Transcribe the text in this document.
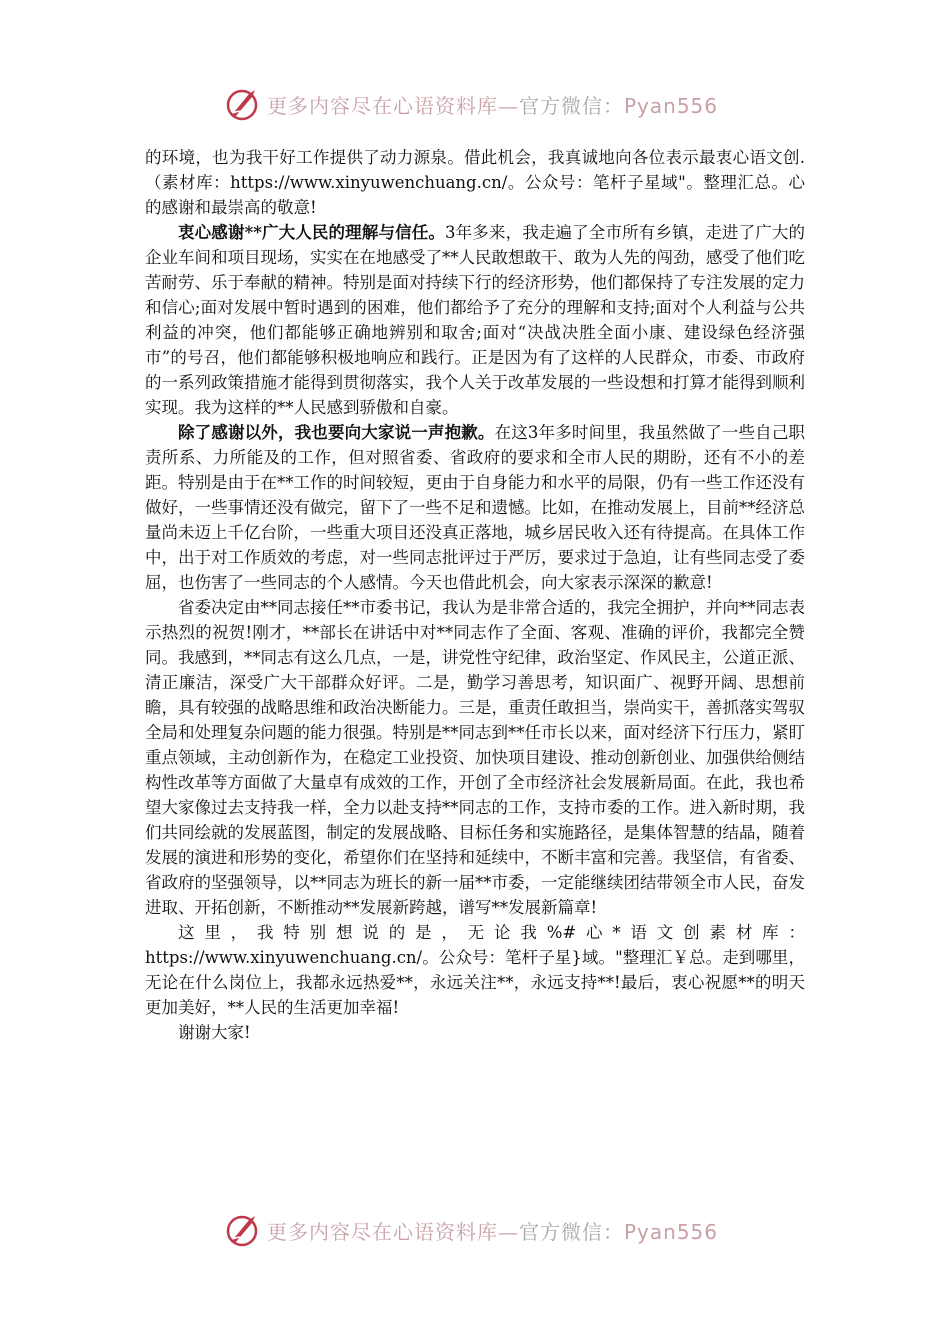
更多内容尽在心语资料库—官方微信：Pyan556

的环境，也为我干好工作提供了动力源泉。借此机会，我真诚地向各位表示最衷心语文创.（素材库：https://www.xinyuwenchuang.cn/。公众号：笔杆子星域"。整理汇总。心的感谢和最崇高的敬意!

衷心感谢**广大人民的理解与信任。3年多来，我走遍了全市所有乡镇，走进了广大的企业车间和项目现场，实实在在地感受了**人民敢想敢干、敢为人先的闯劲，感受了他们吃苦耐劳、乐于奉献的精神。特别是面对持续下行的经济形势，他们都保持了专注发展的定力和信心;面对发展中暂时遇到的困难，他们都给予了充分的理解和支持;面对个人利益与公共利益的冲突，他们都能够正确地辨别和取舍;面对“决战决胜全面小康、建设绿色经济强市”的号召，他们都能够积极地响应和践行。正是因为有了这样的人民群众，市委、市政府的一系列政策措施才能得到贯彻落实，我个人关于改革发展的一些设想和打算才能得到顺利实现。我为这样的**人民感到骄傲和自豪。

除了感谢以外，我也要向大家说一声抱歉。在这3年多时间里，我虽然做了一些自己职责所系、力所能及的工作，但对照省委、省政府的要求和全市人民的期盼，还有不小的差距。特别是由于在**工作的时间较短，更由于自身能力和水平的局限，仍有一些工作还没有做好，一些事情还没有做完，留下了一些不足和遗憾。比如，在推动发展上，目前**经济总量尚未迈上千亿台阶，一些重大项目还没真正落地，城乡居民收入还有待提高。在具体工作中，出于对工作质效的考虑，对一些同志批评过于严厉，要求过于急迫，让有些同志受了委屈，也伤害了一些同志的个人感情。今天也借此机会，向大家表示深深的歉意!

省委决定由**同志接任**市委书记，我认为是非常合适的，我完全拥护，并向**同志表示热烈的祝贺!刚才，**部长在讲话中对**同志作了全面、客观、准确的评价，我都完全赞同。我感到，**同志有这么几点，一是，讲党性守纪律，政治坚定、作风民主，公道正派、清正廉洁，深受广大干部群众好评。二是，勤学习善思考，知识面广、视野开阔、思想前瞻，具有较强的战略思维和政治决断能力。三是，重责任敢担当，崇尚实干，善抓落实驾驭全局和处理复杂问题的能力很强。特别是**同志到**任市长以来，面对经济下行压力，紧盯重点领域，主动创新作为，在稳定工业投资、加快项目建设、推动创新创业、加强供给侧结构性改革等方面做了大量卓有成效的工作，开创了全市经济社会发展新局面。在此，我也希望大家像过去支持我一样，全力以赴支持**同志的工作，支持市委的工作。进入新时期，我们共同绘就的发展蓝图，制定的发展战略、目标任务和实施路径，是集体智慧的结晶，随着发展的演进和形势的变化，希望你们在坚持和延续中，不断丰富和完善。我坚信，有省委、省政府的坚强领导，以**同志为班长的新一届**市委，一定能继续团结带领全市人民，奋发进取、开拓创新，不断推动**发展新跨越，谱写**发展新篇章!

这里，我特别想说的是，无论我%#心*语文创素材库：https://www.xinyuwenchuang.cn/。公众号：笔杆子星}域。"整理汇￥总。走到哪里，无论在什么岗位上，我都永远热爱**，永远关注**，永远支持**!最后，衷心祝愿**的明天更加美好，**人民的生活更加幸福!

谢谢大家!

更多内容尽在心语资料库—官方微信：Pyan556
